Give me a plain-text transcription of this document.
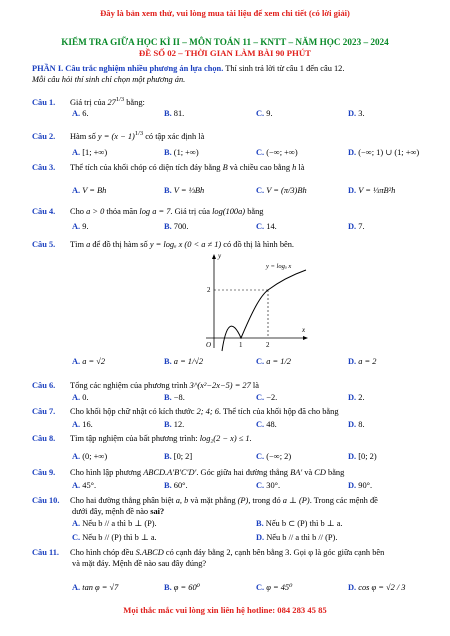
Đây là bản xem thử, vui lòng mua tài liệu để xem chi tiết (có lời giải)
KIỂM TRA GIỮA HỌC KÌ II – MÔN TOÁN 11 – KNTT – NĂM HỌC 2023 – 2024
ĐỀ SỐ 02 – THỜI GIAN LÀM BÀI 90 PHÚT
PHẦN I. Câu trắc nghiệm nhiều phương án lựa chọn. Thí sinh trả lời từ câu 1 đến câu 12.
Mỗi câu hỏi thí sinh chỉ chọn một phương án.
Câu 1. Giá trị của $27^{1/3}$ bằng:
A. 6.	B. 81.	C. 9.	D. 3.
Câu 2. Hàm số $y = (x - 1)^{1/3}$ có tập xác định là
A. [1; +∞)	B. (1; +∞)	C. (−∞; +∞)	D. (−∞; 1) ∪ (1; +∞)
Câu 3. Thể tích của khối chóp có diện tích đáy bằng B và chiều cao bằng h là
A. V = Bh	B. V = ⅓Bh	C. V = (π/3)Bh	D. V = ⅓πB²h
Câu 4. Cho a > 0 thỏa mãn log a = 7. Giá trị của log(100a) bằng
A. 9.	B. 700.	C. 14.	D. 7.
Câu 5. Tìm a để đồ thị hàm số y = logₐ x (0 < a ≠ 1) có đồ thị là hình bên.
y
x
O	1	2
2
y = logₐ x
A. a = √2	B. a = 1/√2	C. a = 1/2	D. a = 2
Câu 6. Tổng các nghiệm của phương trình 3^(x²−2x−5) = 27 là
A. 0.	B. −8.	C. −2.	D. 2.
Câu 7. Cho khối hộp chữ nhật có kích thước 2; 4; 6. Thể tích của khối hộp đã cho bằng
A. 16.	B. 12.	C. 48.	D. 8.
Câu 8. Tìm tập nghiệm của bất phương trình: log₂(2 − x) ≤ 1.
A. (0; +∞)	B. [0; 2]	C. (−∞; 2)	D. [0; 2)
Câu 9. Cho hình lập phương ABCD.A′B′C′D′. Góc giữa hai đường thẳng BA′ và CD bằng
A. 45°.	B. 60°.	C. 30°.	D. 90°.
Câu 10. Cho hai đường thẳng phân biệt a, b và mặt phẳng (P), trong đó a ⊥ (P). Trong các mệnh đề
dưới đây, mệnh đề nào sai?
A. Nếu b // a thì b ⊥ (P).	B. Nếu b ⊂ (P) thì b ⊥ a.
C. Nếu b // (P) thì b ⊥ a.	D. Nếu b // a thì b // (P).
Câu 11. Cho hình chóp đều S.ABCD có cạnh đáy bằng 2, cạnh bên bằng 3. Gọi φ là góc giữa cạnh bên
và mặt đáy. Mệnh đề nào sau đây đúng?
A. tan φ = √7	B. φ = 60⁰	C. φ = 45⁰	D. cos φ = √2 / 3
Mọi thắc mắc vui lòng xin liên hệ hotline: 084 283 45 85
